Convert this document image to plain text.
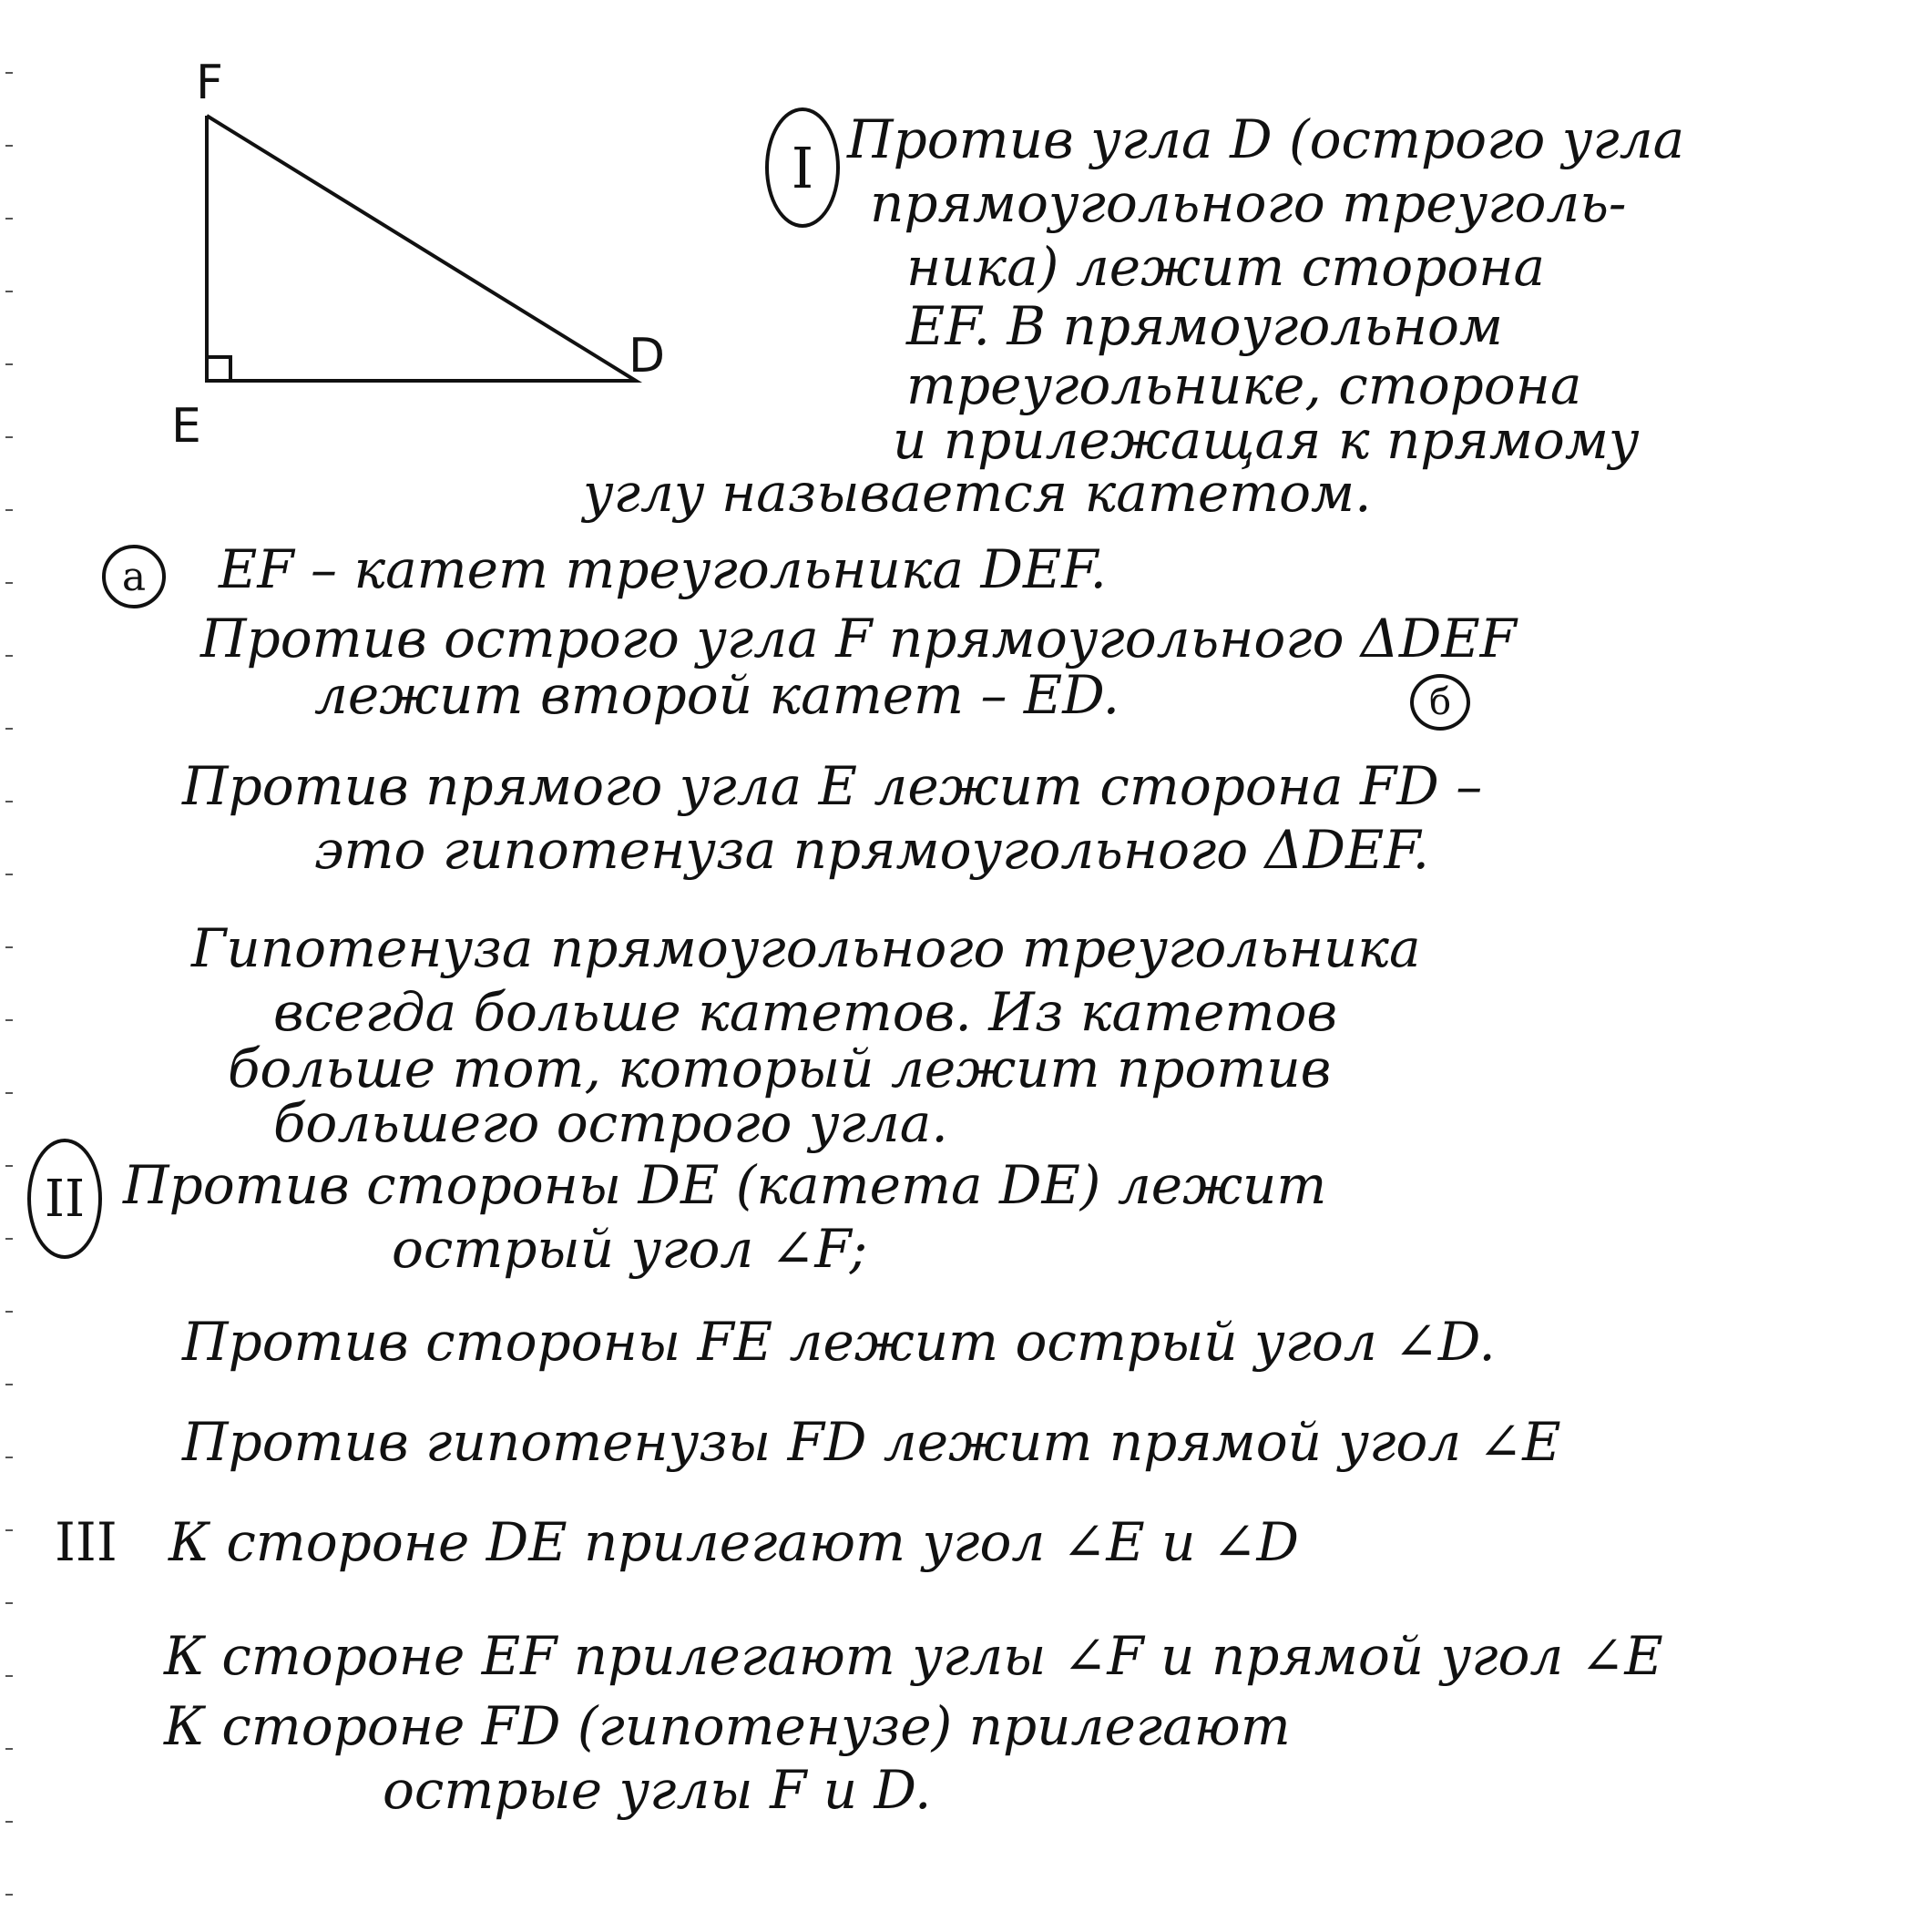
F
E
D
I Против угла D (острого угла
прямоугольного треуголь-
ника) лежит сторона
EF. В прямоугольном
треугольнике, сторона
и прилежащая к прямому
углу называется катетом.
а EF – катет треугольника DEF.
Против острого угла F прямоугольного ΔDEF
лежит второй катет – ED.	б
Против прямого угла E лежит сторона FD –
это гипотенуза прямоугольного ΔDEF.
Гипотенуза прямоугольного треугольника
всегда больше катетов. Из катетов
больше тот, который лежит против
большего острого угла.
II Против стороны DE (катета DE) лежит
острый угол ∠F;
Против стороны FE лежит острый угол ∠D.
Против гипотенузы FD лежит прямой угол ∠E
III К стороне DE прилегают угол ∠E и ∠D
К стороне EF прилегают углы ∠F и прямой угол ∠E
К стороне FD (гипотенузе) прилегают
острые углы F и D.
